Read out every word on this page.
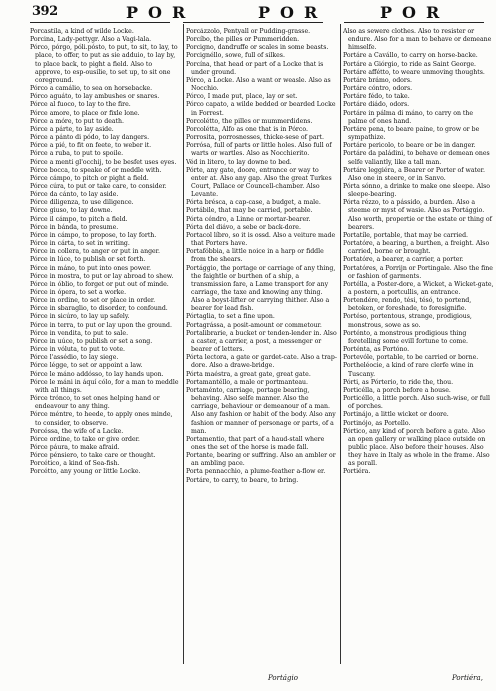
392	POR	POR	POR

Porcastila, a kind of wilde Locke.

Porcina, Lady-pettygr. Also a Vagi-lala.

Pórco, pórgo, póli.pósto, to put, to sit, to lay, to place, to offer, to put as sie adduio, to lay by, to place back, to pight a field. Also to approve, to esp-ousilie, to set up, to sit one coreground.

Pórco a camálio, to sea on horsebacke.

Pórco aguáto, to lay ambushes or snares.

Pórce al fuoco, to lay to the fire.

Pórce amore, to place or fixle lone.

Pórce a móre, to put to death.

Pórce a párte, to lay aside.

Pórce a pánto di pódo, to lay dangers.

Pórce a pié, to fit on feete, to weber it.

Pórce a ruba, to put to spoile.

Pórce a menti gl'occhij, to be besfet uses eyes.

Pórce bocca, to speake of or meddle with.

Pórce cámpo, to pitch or pight a field.

Pórce cúra, to put or take care, to consider.

Pórce da cánto, to lay aside.

Pórce diligenza, to use diligence.

Pórce giuso, to lay downe.

Pórce il cámpo, to pitch a field.

Pórce in bánda, to presume.

Pórce in cámpo, to propose, to lay forth.

Pórce in cárta, to set in writing.

Pórce in collera, to anger or put in anger.

Pórce in lúce, to publish or set forth.

Pórce in máno, to put into ones power.

Pórce in mostra, to put or lay abroad to shew.

Pórce in óblio, to forget or put out of minde.

Pórce in ópera, to set a worke.

Pórce in ordine, to set or place in order.

Pórce in sbaraglio, to disorder, to confound.

Pórce in sicúro, to lay up safely.

Pórce in terra, to put or lay upon the ground.

Pórce in vendita, to put to sale.

Pórce in uúce, to publish or set a song.

Pórce in vóluta, to put to vote.

Pórce l'assédio, to lay siege.

Pórce légge, to set or appoint a law.

Pórce le máno addósso, to lay hands upon.

Pórce le máni in áquí cólo, for a man to meddle with all things.

Pórce trónco, to set ones helping hand or endeavour to any thing.

Pórce méntre, to heede, to apply ones minde, to consider, to observe.

Porcéssa, the wife of a Lacke.

Pórce ordine, to take or give order.

Pórce páura, to make afraid.

Pórce pénsiero, to take care or thought.

Porcético, a kind of Sea-fish.

Porcétto, any young or little Locke.

Porcázzolo, Pentyall or Pudding-grasse.

Porcíbo, the pilles or Pummeridden.

Porcigno, dandruffe or scales in some beasts.

Porcignéllo, sowe, full of silkes.

Porcína, that head or part of a Locke that is under ground.

Pórco, a Locke. Also a want or weasle. Also as Nocchio.

Pórco, I made put, place, lay or set.

Pórco capato, a wilde bedded or bearded Locke in Forrest.

Porcolétto, the pilles or mummerdidens.

Porcolétta, Alfo as one that is in Pórco.

Porrosita, porrosnesses, thicke-sese of part.

Porrósa, full of parts or little holes. Also full of warts or wartles. Also as Nocchierito.

Véd in litero, to lay downe to bed.

Pórte, any gate, doore, entrance or way to enter at. Also any gap. Also the great Turkes Court, Pallace or Councell-chamber. Also Levante.

Pórta brésca, a cap-case, a budget, a male.

Portábile, that may be carried, portable.

Pórta céndro, a Linne or mortar-bearer.

Pórta del diávo, a sebe or back-dore.

Portacol líbro, so it is ossd. Also a veiture made that Porters have.

Portafóbbia, a little noice in a harp or fiddle from the shears.

Portággio, the portage or carriage of any thing, the faightle or burthen of a ship, a transmission fare, a Lame transport for any carriage, the taxe and knowing any thing. Also a boyst-lifter or carrying thither. Also a bearer for lead fish.

Pórtaglia, to set a fine upon.

Portagrássa, a posit-amount or commetour.

Portalibrarie, a bucket or tenden-lender in. Also a caster, a carrier, a post, a messenger or bearer of letters.

Pórta lectora, a gate or gardet-cate. Also a trap-dore. Also a drawe-bridge.

Pórta maéstra, a great gate, great gate.

Portamantéllo, a male or portmanteau.

Portaménto, carriage, portage bearing, behaving. Also selfe manner. Also the carriage, behaviour or demeanour of a man. Also any fashion or habit of the body. Also any fashion or manner of personage or parts, of a man.

Portamentio, that part of a haud-stall where ones the set of the horse is made fall.

Portante, bearing or suffring. Also an ambler or an ambling pace.

Porta pennacchio, a plume-feather a-flow er.

Portáre, to carry, to beare, to bring.

Also as sewere clothes. Also to resister or endure. Also for a man to behave or demeane himselfe.

Portáre a Cavállo, to carry on horse-backe.

Portáre a Giórgio, to ride as Saint George.

Portáre affétto, to weare unmoving thoughts.

Portáre brámo, odors.

Portáre cóntro, odors.

Portáre fédo, to take.

Portáre diádo, odors.

Portáre in pálma di máno, to carry on the palme of ones hand.

Portáre pena, to beare paine, to grow or be sympathize.

Portáre pericolo, to beare or be in danger.

Portáre da paládini, to behave or demean ones selfe valiantly, like a tall man.

Portáre leggiéra, a Bearer or Porter of water. Also one in steere, or in Sanvo.

Pórta sónno, a drinke to make one sleepe. Also sleepe-bearing.

Pórta rézzo, to a pássido, a burden. Also a steeme or myst of wasie. Also as Portággio. Also worth, propertie or the estate or thing of bearers.

Portatíle, portable, that may be carried.

Portatóre, a bearing, a burthen, a freight. Also carried, borne or brought.

Portatóre, a bearer, a carrier, a porter.

Portatóres, a Porrijn or Portingale. Also the fine or fashion of garments.

Portélla, a Poster-dore, a Wicket, a Wicket-gate, a postern, a portcullis, an entrance.

Portendére, rendo, tési, tésó, to portend, betoken, or foreshade, to foresignifie.

Portéso, portentous, strange, prodigious, monstrous, sowe as so.

Porténto, a monstrous prodigious thing foretelling some evill fortune to come.

Porténta, as Portóno.

Portevóle, portable, to be carried or borne.

Portheléocie, a kind of rare clerfe wine in Tuscany.

Pórti, as Pórterio, to ride the, thou.

Porticélla, a porch before a house.

Porticéllo, a little porch. Also such-wise, or full of porches.

Portinájo, a little wicket or doore.

Portinójo, as Portello.

Pórtico, any kind of porch before a gate. Also an open gallery or walking place outside on public place. Also before their houses. Also they have in Italy as whole in the frame. Also as porall.

Portiéra.

Portágio	Portiéra,
